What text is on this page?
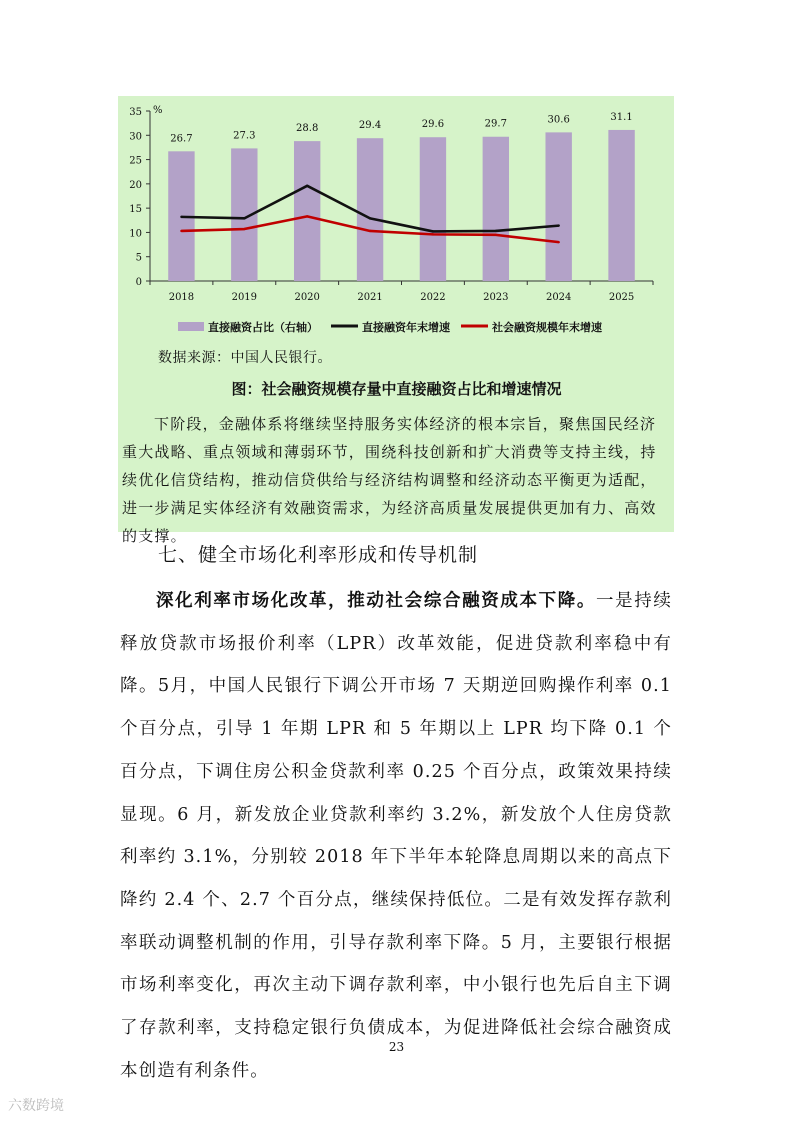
0
5
10
15
20
25
30
35 %
2018	2019	2020	2021	2022	2023	2024	2025
26.7	27.3
28.8	29.4	29.6	29.7	30.6	31.1
直接融资占比（右轴）	直接融资年末增速	社会融资规模年末增速
数据来源：中国人民银行。
图：社会融资规模存量中直接融资占比和增速情况

下阶段，金融体系将继续坚持服务实体经济的根本宗旨，聚焦国民经济重大战略、重点领域和薄弱环节，围绕科技创新和扩大消费等支持主线，持续优化信贷结构，推动信贷供给与经济结构调整和经济动态平衡更为适配，进一步满足实体经济有效融资需求，为经济高质量发展提供更加有力、高效的支撑。

七、健全市场化利率形成和传导机制

深化利率市场化改革，推动社会综合融资成本下降。一是持续释放贷款市场报价利率（LPR）改革效能，促进贷款利率稳中有降。5月，中国人民银行下调公开市场 7 天期逆回购操作利率 0.1 个百分点，引导 1 年期 LPR 和 5 年期以上 LPR 均下降 0.1 个百分点，下调住房公积金贷款利率 0.25 个百分点，政策效果持续显现。6 月，新发放企业贷款利率约 3.2%，新发放个人住房贷款利率约 3.1%，分别较 2018 年下半年本轮降息周期以来的高点下降约 2.4 个、2.7 个百分点，继续保持低位。二是有效发挥存款利率联动调整机制的作用，引导存款利率下降。5 月，主要银行根据市场利率变化，再次主动下调存款利率，中小银行也先后自主下调了存款利率，支持稳定银行负债成本，为促进降低社会综合融资成本创造有利条件。

23
六数跨境
